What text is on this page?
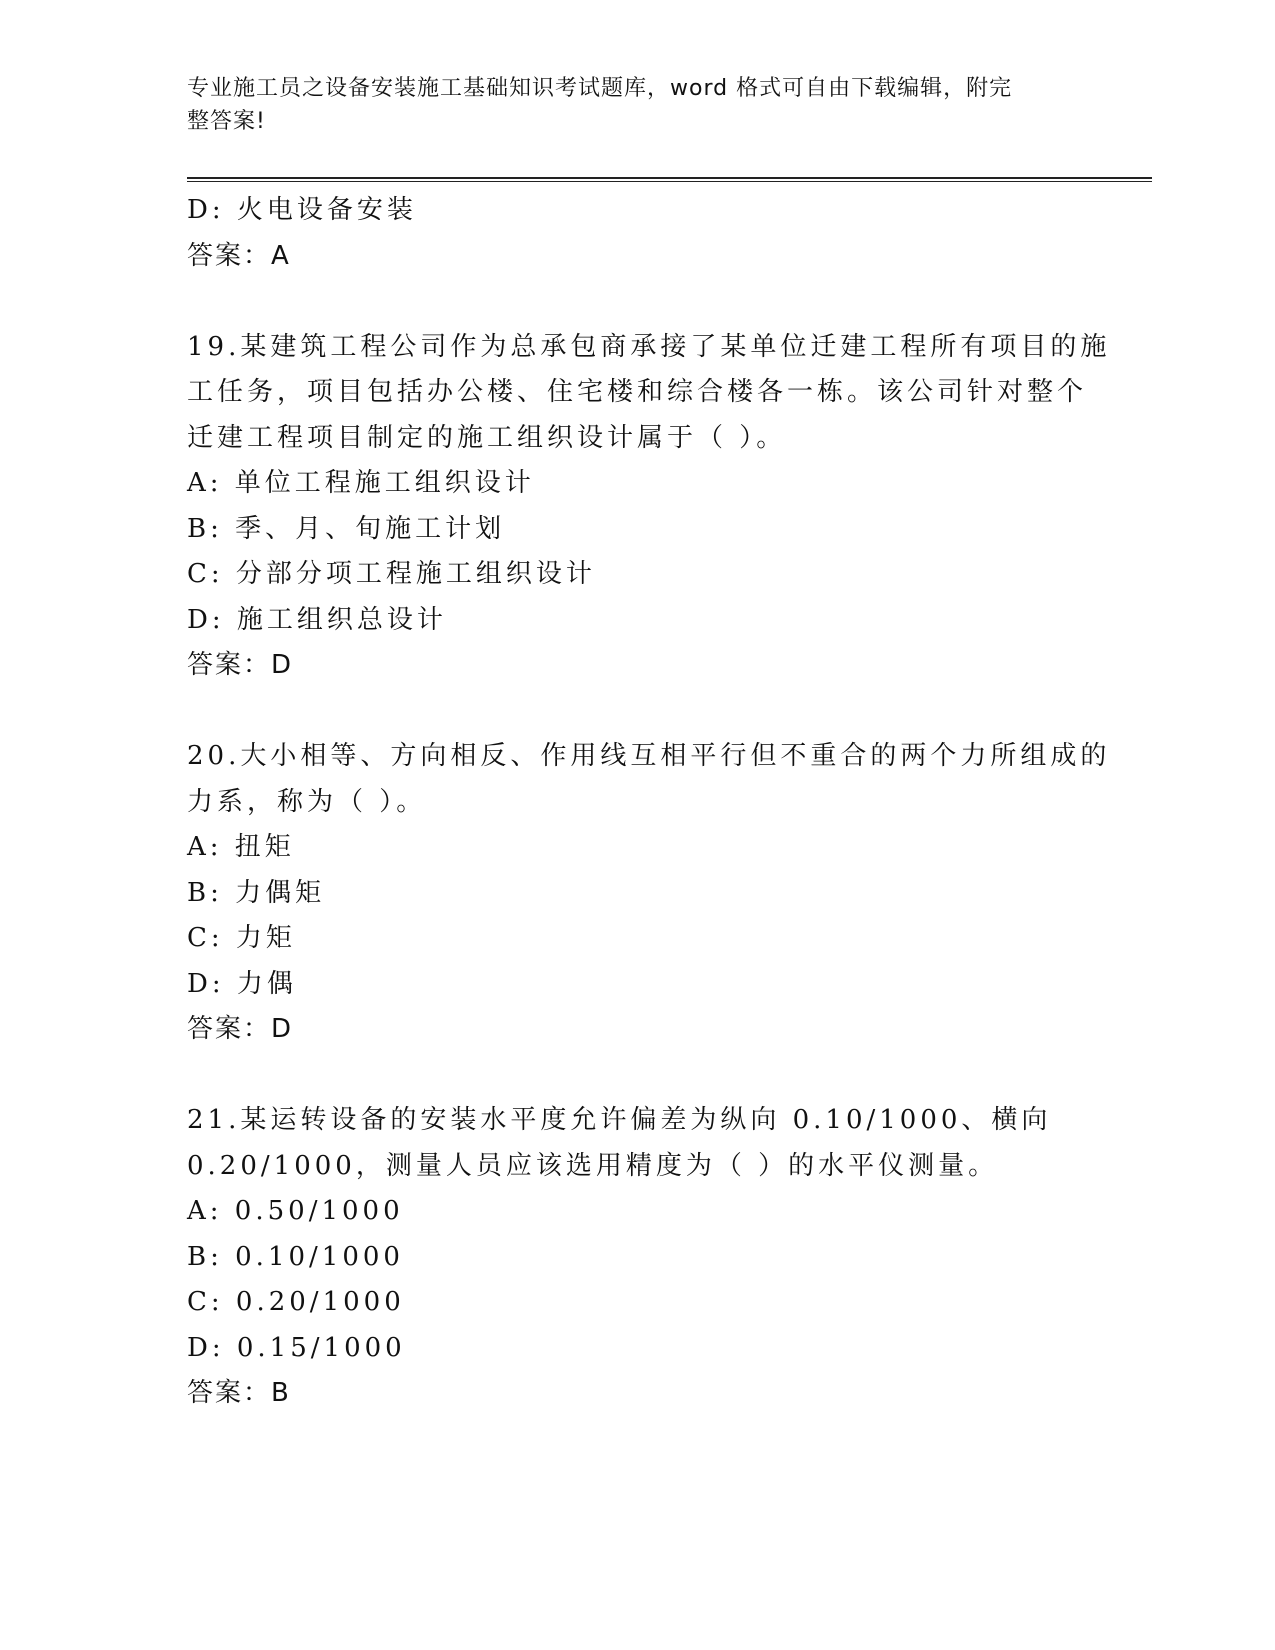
专业施工员之设备安装施工基础知识考试题库，word 格式可自由下载编辑，附完
整答案!
D: 火电设备安装
答案：A
19.某建筑工程公司作为总承包商承接了某单位迁建工程所有项目的施
工任务，项目包括办公楼、住宅楼和综合楼各一栋。该公司针对整个
迁建工程项目制定的施工组织设计属于（ ）。
A: 单位工程施工组织设计
B: 季、月、旬施工计划
C: 分部分项工程施工组织设计
D: 施工组织总设计
答案：D
20.大小相等、方向相反、作用线互相平行但不重合的两个力所组成的
力系，称为（ ）。
A: 扭矩
B: 力偶矩
C: 力矩
D: 力偶
答案：D
21.某运转设备的安装水平度允许偏差为纵向 0.10/1000、横向
0.20/1000，测量人员应该选用精度为（ ）的水平仪测量。
A: 0.50/1000
B: 0.10/1000
C: 0.20/1000
D: 0.15/1000
答案：B
